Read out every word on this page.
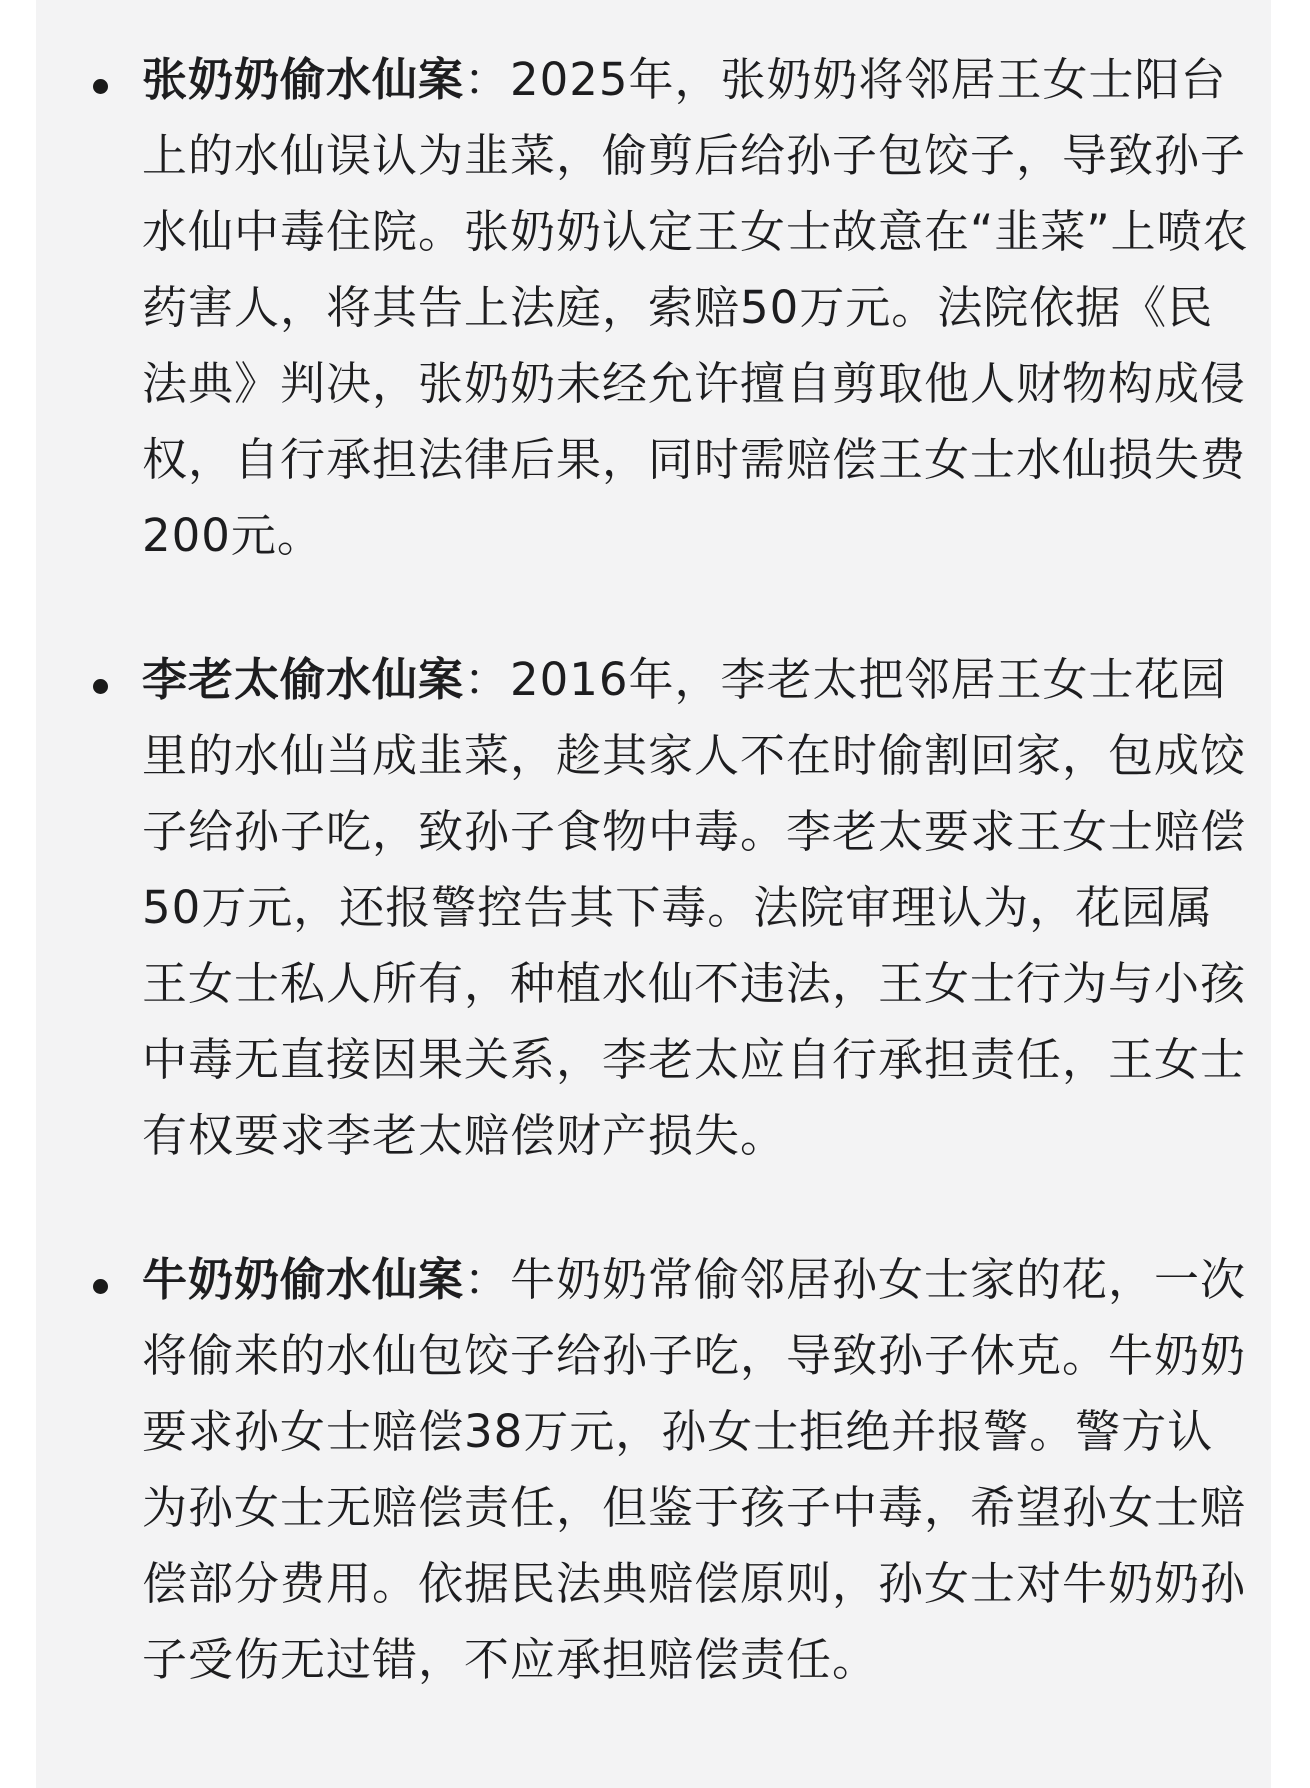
张奶奶偷水仙案：2025年，张奶奶将邻居王女士阳台上的水仙误认为韭菜，偷剪后给孙子包饺子，导致孙子水仙中毒住院。张奶奶认定王女士故意在“韭菜”上喷农药害人，将其告上法庭，索赔50万元。法院依据《民法典》判决，张奶奶未经允许擅自剪取他人财物构成侵权，自行承担法律后果，同时需赔偿王女士水仙损失费200元。

李老太偷水仙案：2016年，李老太把邻居王女士花园里的水仙当成韭菜，趁其家人不在时偷割回家，包成饺子给孙子吃，致孙子食物中毒。李老太要求王女士赔偿50万元，还报警控告其下毒。法院审理认为，花园属王女士私人所有，种植水仙不违法，王女士行为与小孩中毒无直接因果关系，李老太应自行承担责任，王女士有权要求李老太赔偿财产损失。

牛奶奶偷水仙案：牛奶奶常偷邻居孙女士家的花，一次将偷来的水仙包饺子给孙子吃，导致孙子休克。牛奶奶要求孙女士赔偿38万元，孙女士拒绝并报警。警方认为孙女士无赔偿责任，但鉴于孩子中毒，希望孙女士赔偿部分费用。依据民法典赔偿原则，孙女士对牛奶奶孙子受伤无过错，不应承担赔偿责任。
